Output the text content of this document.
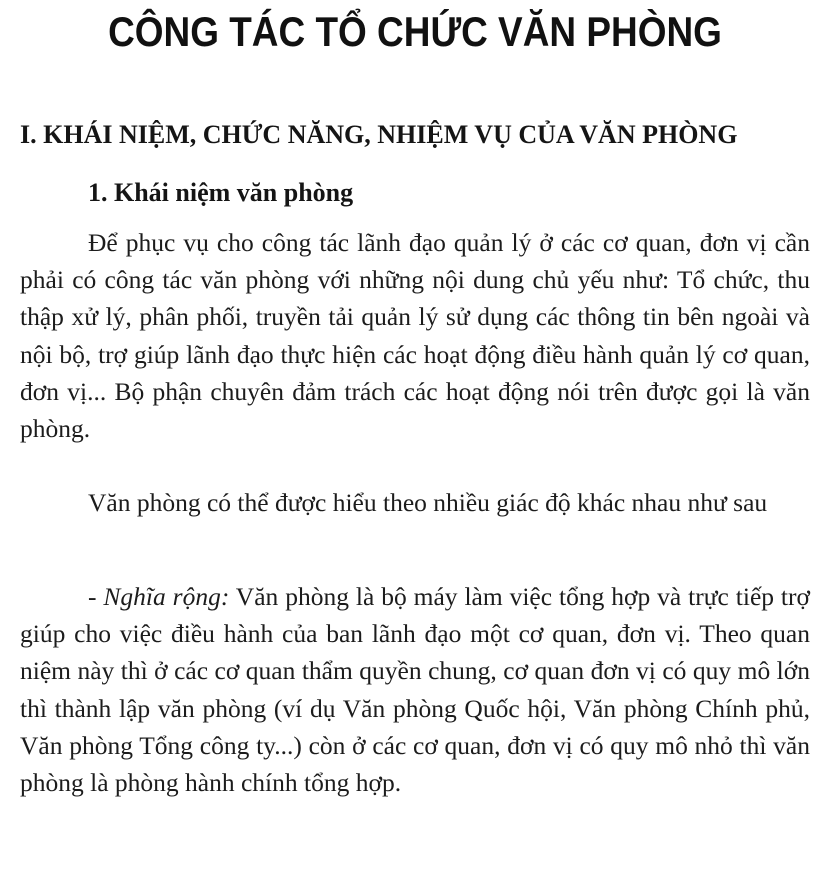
CÔNG TÁC TỔ CHỨC VĂN PHÒNG
I. KHÁI NIỆM, CHỨC NĂNG, NHIỆM VỤ CỦA VĂN PHÒNG
1. Khái niệm văn phòng

Để phục vụ cho công tác lãnh đạo quản lý ở các cơ quan, đơn vị cần phải có công tác văn phòng với những nội dung chủ yếu như: Tổ chức, thu thập xử lý, phân phối, truyền tải quản lý sử dụng các thông tin bên ngoài và nội bộ, trợ giúp lãnh đạo thực hiện các hoạt động điều hành quản lý cơ quan, đơn vị... Bộ phận chuyên đảm trách các hoạt động nói trên được gọi là văn phòng.

Văn phòng có thể được hiểu theo nhiều giác độ khác nhau như sau

- Nghĩa rộng: Văn phòng là bộ máy làm việc tổng hợp và trực tiếp trợ giúp cho việc điều hành của ban lãnh đạo một cơ quan, đơn vị. Theo quan niệm này thì ở các cơ quan thẩm quyền chung, cơ quan đơn vị có quy mô lớn thì thành lập văn phòng (ví dụ Văn phòng Quốc hội, Văn phòng Chính phủ, Văn phòng Tổng công ty...) còn ở các cơ quan, đơn vị có quy mô nhỏ thì văn phòng là phòng hành chính tổng hợp.
